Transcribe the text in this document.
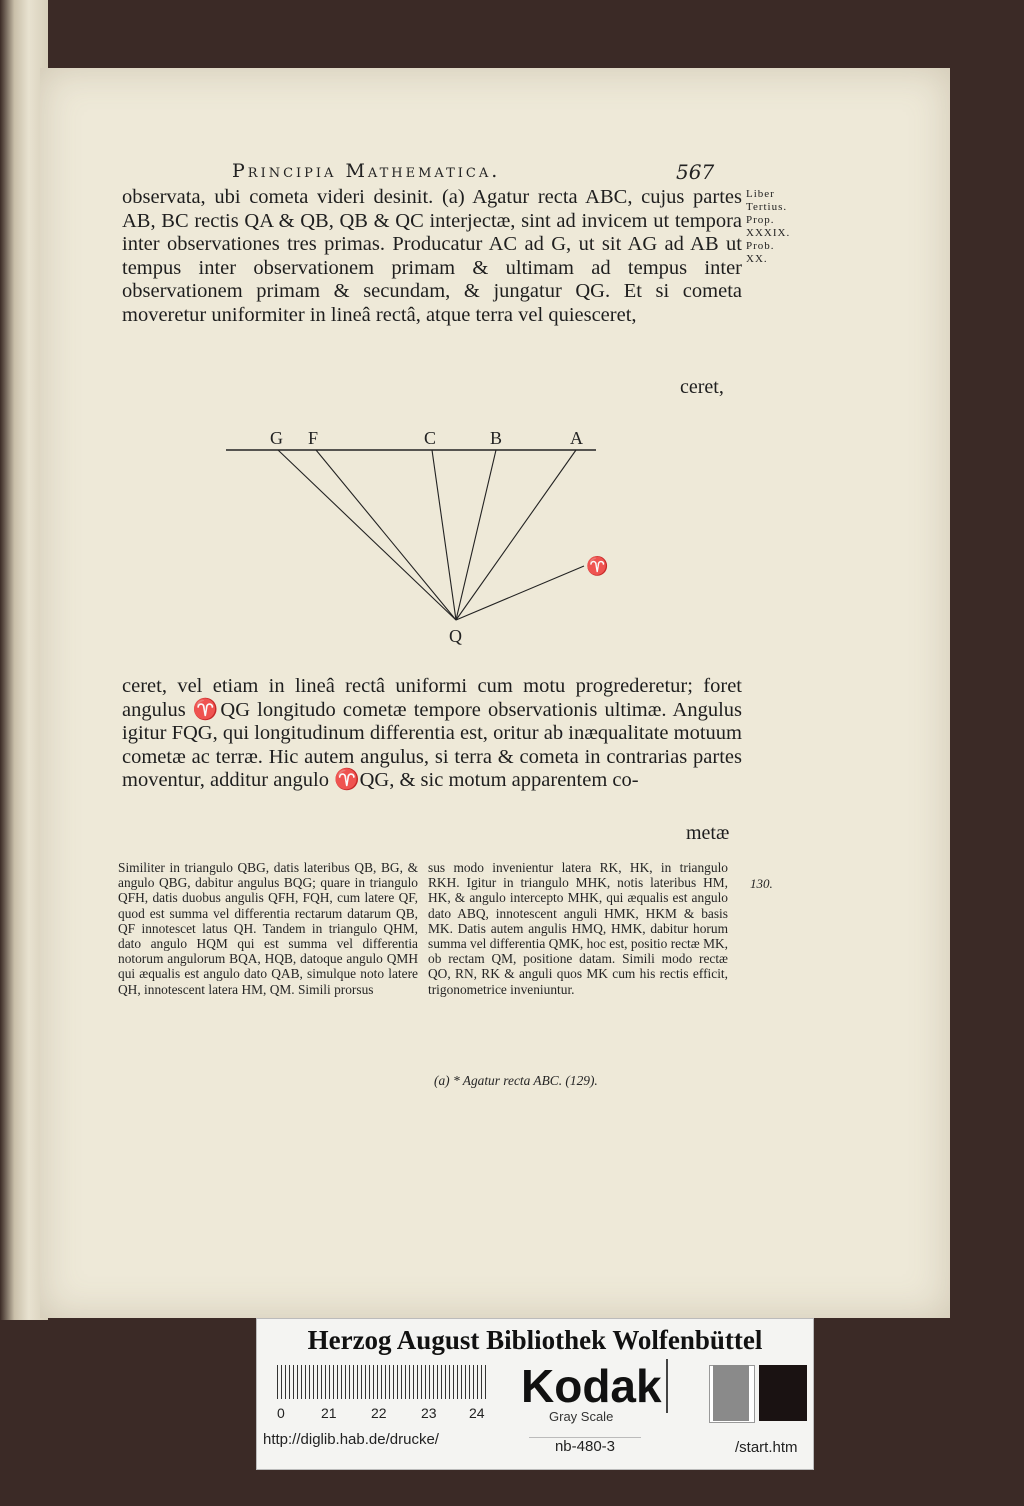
Principia Mathematica.	567
Liber
Tertius.
Prop.
XXXIX.
Prob.
XX.
observata, ubi cometa videri desinit. (a) Agatur recta ABC, cujus partes AB, BC rectis QA & QB, QB & QC interjectæ, sint ad invicem ut tempora inter observationes tres primas. Producatur AC ad G, ut sit AG ad AB ut tempus inter observationem primam & ultimam ad tempus inter observationem primam & secundam, & jungatur QG. Et si cometa moveretur uniformiter in lineâ rectâ, atque terra vel quiesceret,
ceret,
G F	C	B	A
Q
♈
ceret, vel etiam in lineâ rectâ uniformi cum motu progrederetur; foret angulus ♈QG longitudo cometæ tempore observationis ultimæ. Angulus igitur FQG, qui longitudinum differentia est, oritur ab inæqualitate motuum cometæ ac terræ. Hic autem angulus, si terra & cometa in contrarias partes moventur, additur angulo ♈QG, & sic motum apparentem co-
metæ
Similiter in triangulo QBG, datis lateribus QB, BG, & angulo QBG, dabitur angulus BQG; quare in triangulo QFH, datis duobus angulis QFH, FQH, cum latere QF, quod est summa vel differentia rectarum datarum QB, QF innotescet latus QH. Tandem in triangulo QHM, dato angulo HQM qui est summa vel differentia notorum angulorum BQA, HQB, datoque angulo QMH qui æqualis est angulo dato QAB, simulque noto latere QH, innotescent latera HM, QM. Simili prorsus
sus modo invenientur latera RK, HK, in triangulo RKH. Igitur in triangulo MHK, notis lateribus HM, HK, & angulo intercepto MHK, qui æqualis est angulo dato ABQ, innotescent anguli HMK, HKM & basis MK. Datis autem angulis HMQ, HMK, dabitur horum summa vel differentia QMK, hoc est, positio rectæ MK, ob rectam QM, positione datam. Simili modo rectæ QO, RN, RK & anguli quos MK cum his rectis efficit, trigonometrice inveniuntur.
(a) * Agatur recta ABC. (129).
130.
Herzog August Bibliothek Wolfenbüttel
0	21 22 23 24
Kodak
Gray Scale
http://diglib.hab.de/drucke/	nb-480-3	/start.htm
